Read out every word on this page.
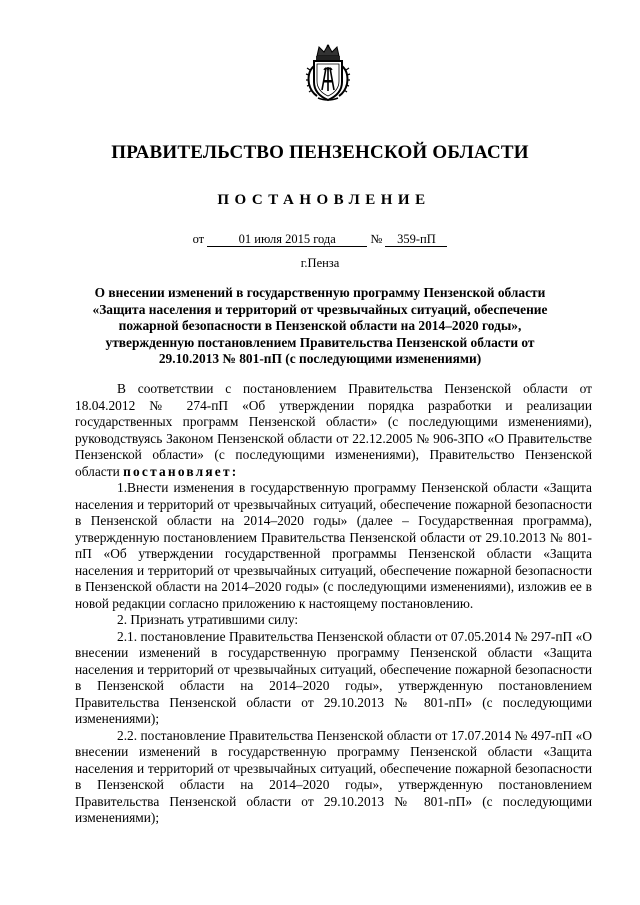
ПРАВИТЕЛЬСТВО ПЕНЗЕНСКОЙ ОБЛАСТИ
ПОСТАНОВЛЕНИЕ
от	01 июля 2015 года	№ 359-пП
г.Пенза
О внесении изменений в государственную программу Пензенской области «Защита населения и территорий от чрезвычайных ситуаций, обеспечение пожарной безопасности в Пензенской области на 2014–2020 годы», утвержденную постановлением Правительства Пензенской области от 29.10.2013 № 801-пП (с последующими изменениями)

В соответствии с постановлением Правительства Пензенской области от 18.04.2012 № 274-пП «Об утверждении порядка разработки и реализации государственных программ Пензенской области» (с последующими изменениями), руководствуясь Законом Пензенской области от 22.12.2005 № 906-ЗПО «О Правительстве Пензенской области» (с последующими изменениями), Правительство Пензенской области постановляет:

1.Внести изменения в государственную программу Пензенской области «Защита населения и территорий от чрезвычайных ситуаций, обеспечение пожарной безопасности в Пензенской области на 2014–2020 годы» (далее – Государственная программа), утвержденную постановлением Правительства Пензенской области от 29.10.2013 № 801-пП «Об утверждении государственной программы Пензенской области «Защита населения и территорий от чрезвычайных ситуаций, обеспечение пожарной безопасности в Пензенской области на 2014–2020 годы» (с последующими изменениями), изложив ее в новой редакции согласно приложению к настоящему постановлению.

2. Признать утратившими силу:

2.1. постановление Правительства Пензенской области от 07.05.2014 № 297-пП «О внесении изменений в государственную программу Пензенской области «Защита населения и территорий от чрезвычайных ситуаций, обеспечение пожарной безопасности в Пензенской области на 2014–2020 годы», утвержденную постановлением Правительства Пензенской области от 29.10.2013 № 801-пП» (с последующими изменениями);

2.2. постановление Правительства Пензенской области от 17.07.2014 № 497-пП «О внесении изменений в государственную программу Пензенской области «Защита населения и территорий от чрезвычайных ситуаций, обеспечение пожарной безопасности в Пензенской области на 2014–2020 годы», утвержденную постановлением Правительства Пензенской области от 29.10.2013 № 801-пП» (с последующими изменениями);
